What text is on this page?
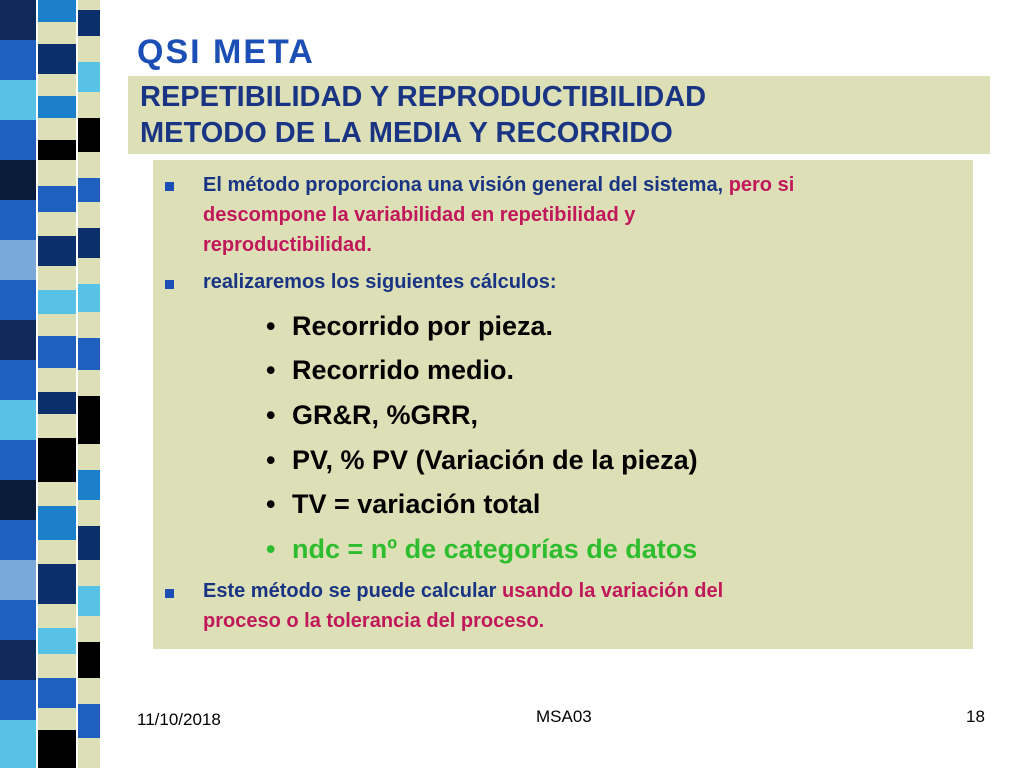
QSI META
REPETIBILIDAD Y REPRODUCTIBILIDAD
METODO DE LA MEDIA Y RECORRIDO
El método proporciona una visión general del sistema, pero si
descompone la variabilidad en repetibilidad y
reproductibilidad.
realizaremos los siguientes cálculos:
• Recorrido por pieza.
• Recorrido medio.
• GR&R, %GRR,
• PV, % PV (Variación de la pieza)
• TV = variación total
• ndc = nº de categorías de datos
Este método se puede calcular usando la variación del
proceso o la tolerancia del proceso.
11/10/2018	MSA03	18
